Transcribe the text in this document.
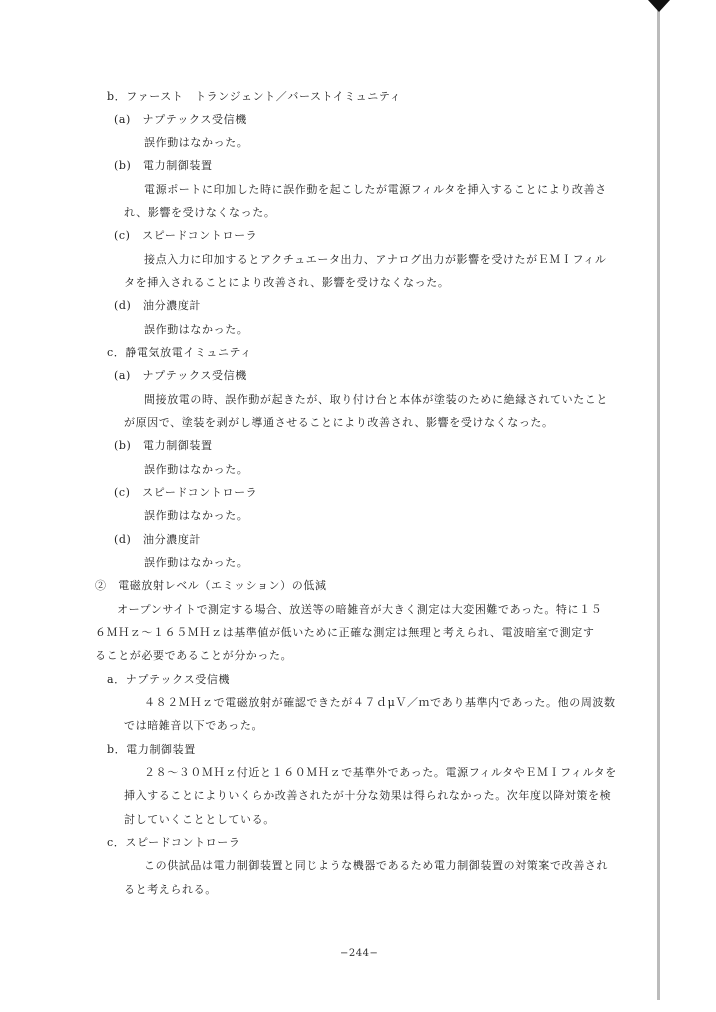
b．ファースト　トランジェント／バーストイミュニティ
(a)　ナプテックス受信機
誤作動はなかった。
(b)　電力制御装置
電源ポートに印加した時に誤作動を起こしたが電源フィルタを挿入することにより改善さ
れ、影響を受けなくなった。
(c)　スピードコントローラ
接点入力に印加するとアクチュエータ出力、アナログ出力が影響を受けたがＥＭＩフィル
タを挿入されることにより改善され、影響を受けなくなった。
(d)　油分濃度計
誤作動はなかった。
c．静電気放電イミュニティ
(a)　ナプテックス受信機
間接放電の時、誤作動が起きたが、取り付け台と本体が塗装のために絶縁されていたこと
が原因で、塗装を剥がし導通させることにより改善され、影響を受けなくなった。
(b)　電力制御装置
誤作動はなかった。
(c)　スピードコントローラ
誤作動はなかった。
(d)　油分濃度計
誤作動はなかった。
②　電磁放射レベル（エミッション）の低減
オープンサイトで測定する場合、放送等の暗雑音が大きく測定は大変困難であった。特に１５
６ＭＨｚ～１６５ＭＨｚは基準値が低いために正確な測定は無理と考えられ、電波暗室で測定す
ることが必要であることが分かった。
a．ナプテックス受信機
４８２ＭＨｚで電磁放射が確認できたが４７ｄμＶ／ｍであり基準内であった。他の周波数
では暗雑音以下であった。
b．電力制御装置
２８～３０ＭＨｚ付近と１６０ＭＨｚで基準外であった。電源フィルタやＥＭＩフィルタを
挿入することによりいくらか改善されたが十分な効果は得られなかった。次年度以降対策を検
討していくこととしている。
c．スピードコントローラ
この供試品は電力制御装置と同じような機器であるため電力制御装置の対策案で改善され
ると考えられる。
−244−
